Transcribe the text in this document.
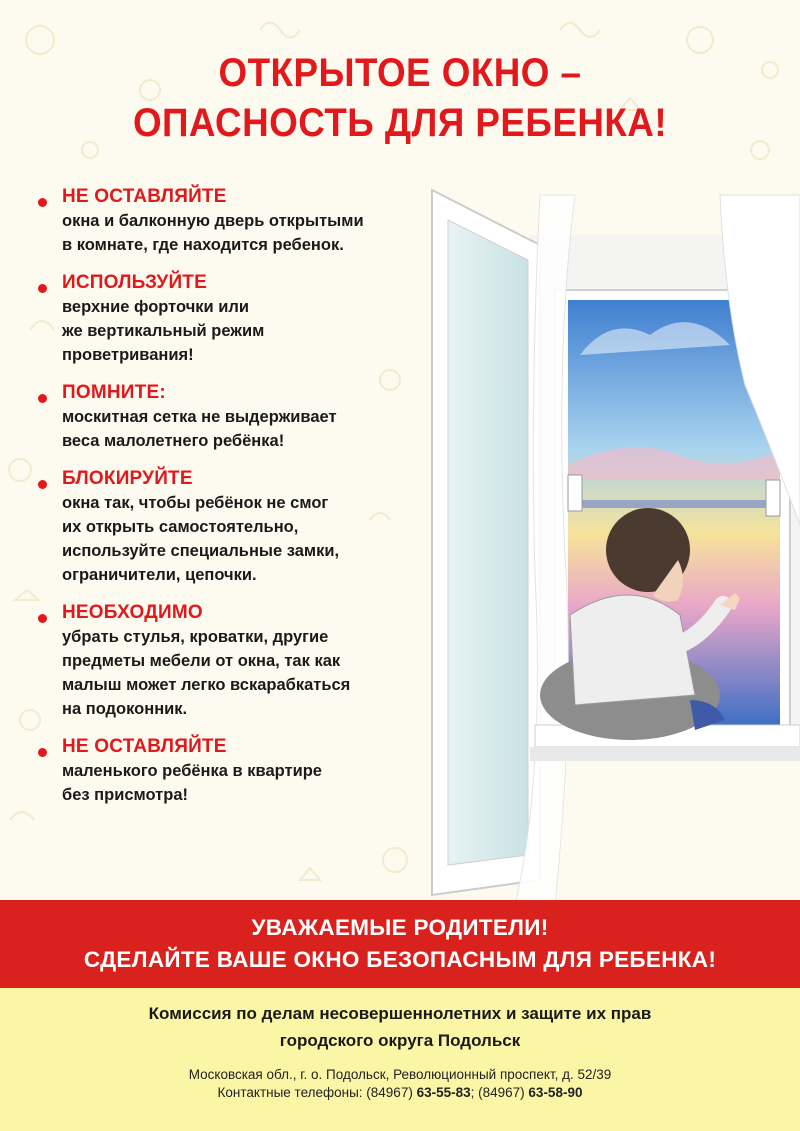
ОТКРЫТОЕ ОКНО –
ОПАСНОСТЬ ДЛЯ РЕБЕНКА!
НЕ ОСТАВЛЯЙТЕ
окна и балконную дверь открытыми
в комнате, где находится ребенок.
ИСПОЛЬЗУЙТЕ
верхние форточки или
же вертикальный режим
проветривания!
ПОМНИТЕ:
москитная сетка не выдерживает
веса малолетнего ребёнка!
БЛОКИРУЙТЕ
окна так, чтобы ребёнок не смог
их открыть самостоятельно,
используйте специальные замки,
ограничители, цепочки.
НЕОБХОДИМО
убрать стулья, кроватки, другие
предметы мебели от окна, так как
малыш может легко вскарабкаться
на подоконник.
НЕ ОСТАВЛЯЙТЕ
маленького ребёнка в квартире
без присмотра!
УВАЖАЕМЫЕ РОДИТЕЛИ!
СДЕЛАЙТЕ ВАШЕ ОКНО БЕЗОПАСНЫМ ДЛЯ РЕБЕНКА!
Комиссия по делам несовершеннолетних и защите их прав
городского округа Подольск
Московская обл., г. о. Подольск, Революционный проспект, д. 52/39
Контактные телефоны: (84967) 63-55-83; (84967) 63-58-90
